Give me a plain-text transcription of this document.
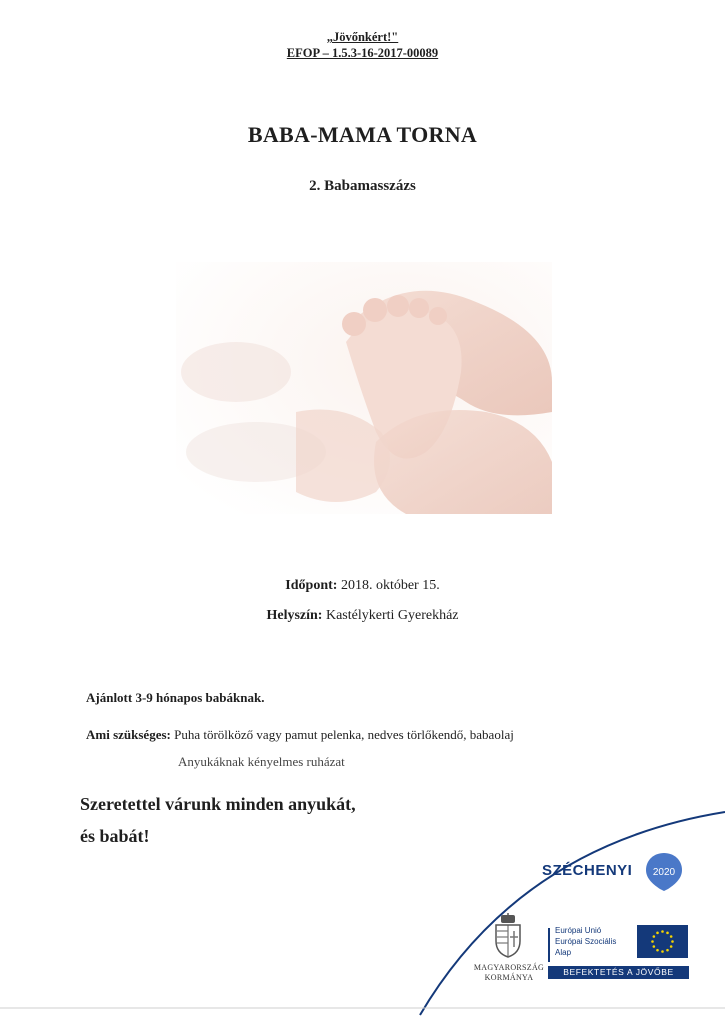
„Jövőnkért!"
EFOP – 1.5.3-16-2017-00089
BABA-MAMA TORNA
2. Babamasszázs
Időpont: 2018. október 15.
Helyszín: Kastélykerti Gyerekház
Ajánlott 3-9 hónapos babáknak.
Ami szükséges: Puha törölköző vagy pamut pelenka, nedves törlőkendő, babaolaj
Anyukáknak kényelmes ruházat
Szeretettel várunk minden anyukát,
és babát!
SZÉCHENYI 2020
MAGYARORSZÁG
KORMÁNYA
Európai Unió
Európai Szociális
Alap
BEFEKTETÉS A JÖVŐBE
